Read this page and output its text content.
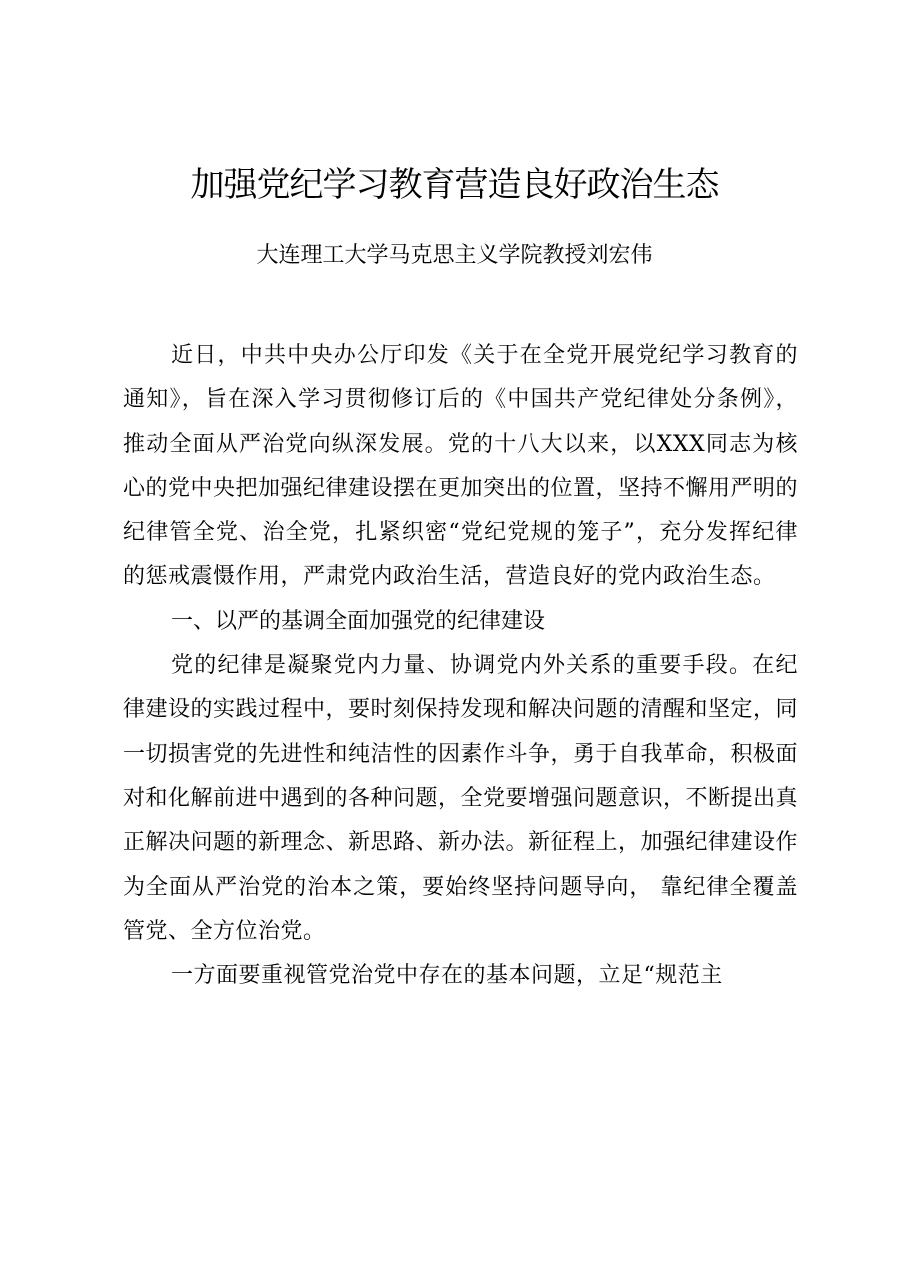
加强党纪学习教育营造良好政治生态
大连理工大学马克思主义学院教授刘宏伟

近日，中共中央办公厅印发《关于在全党开展党纪学习教育的通知》，旨在深入学习贯彻修订后的《中国共产党纪律处分条例》，推动全面从严治党向纵深发展。党的十八大以来，以XXX同志为核心的党中央把加强纪律建设摆在更加突出的位置，坚持不懈用严明的纪律管全党、治全党，扎紧织密“党纪党规的笼子”，充分发挥纪律的惩戒震慑作用，严肃党内政治生活，营造良好的党内政治生态。

一、以严的基调全面加强党的纪律建设

党的纪律是凝聚党内力量、协调党内外关系的重要手段。在纪律建设的实践过程中，要时刻保持发现和解决问题的清醒和坚定，同一切损害党的先进性和纯洁性的因素作斗争，勇于自我革命，积极面对和化解前进中遇到的各种问题，全党要增强问题意识，不断提出真正解决问题的新理念、新思路、新办法。新征程上，加强纪律建设作为全面从严治党的治本之策，要始终坚持问题导向， 靠纪律全覆盖管党、全方位治党。

一方面要重视管党治党中存在的基本问题，立足“规范主
